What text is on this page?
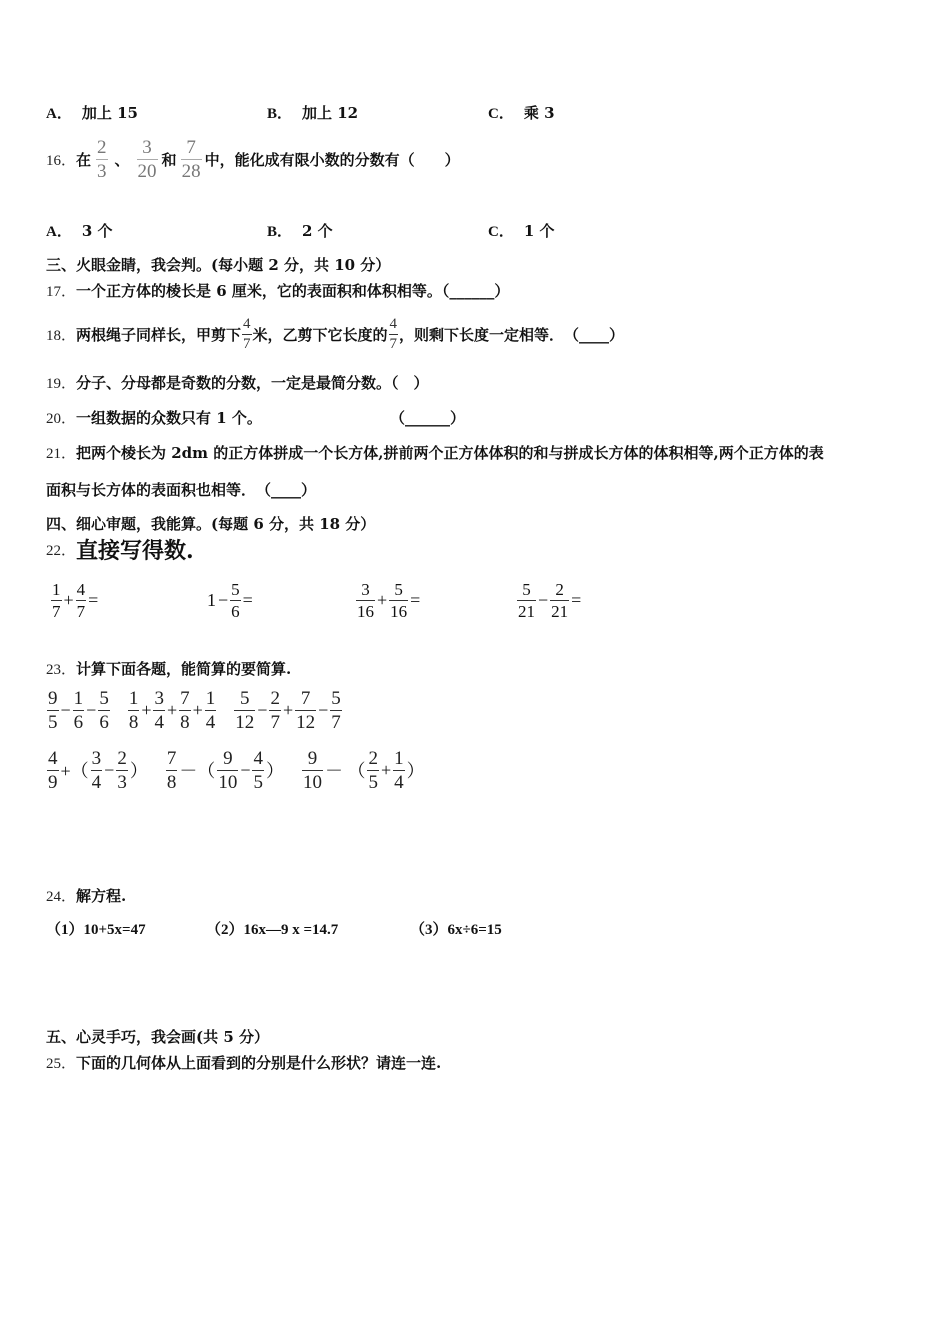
A． 加上 15	B． 加上 12	C． 乘 3
16． 在 $\frac{2}{3}$ 、 $\frac{3}{20}$ 和 $\frac{7}{28}$ 中，能化成有限小数的分数有（　　）
A． 3 个	B． 2 个	C． 1 个
三、火眼金睛，我会判。(每小题 2 分，共 10 分）
17．一个正方体的棱长是 6 厘米，它的表面积和体积相等。（______）
18． 两根绳子同样长，甲剪下 $\frac{4}{7}$ 米，乙剪下它长度的 $\frac{4}{7}$ ，则剩下长度一定相等．　（____）
19．分子、分母都是奇数的分数，一定是最简分数。（　）
20．一组数据的众数只有 1 个。	（______）
21．把两个棱长为 2dm 的正方体拼成一个长方体,拼前两个正方体体积的和与拼成长方体的体积相等,两个正方体的表
面积与长方体的表面积也相等．　（____）
四、细心审题，我能算。(每题 6 分，共 18 分）
22． 直接写得数.
$\frac{1}{7} + \frac{4}{7}$ =	$1 - \frac{5}{6}$ =	$\frac{3}{16} + \frac{5}{16}$ =	$\frac{5}{21} - \frac{2}{21}$ =
23．计算下面各题，能简算的要简算.
$\frac{9}{5} - \frac{1}{6} - \frac{5}{6} \frac{1}{8} + \frac{3}{4} + \frac{7}{8} + \frac{1}{4} \frac{5}{12} - \frac{2}{7} + \frac{7}{12} - \frac{5}{7}$
$\frac{4}{9}$ +（ $\frac{3}{4} - \frac{2}{3}$ ） $\frac{7}{8}$ －（ $\frac{9}{10} - \frac{4}{5}$ ） $\frac{9}{10}$ － （ $\frac{2}{5} + \frac{1}{4}$ ）
24．解方程.
（1）10+5x=47	（2）16x—9 x =14.7	（3）6x÷6=15
五、心灵手巧，我会画(共 5 分）
25．下面的几何体从上面看到的分别是什么形状？请连一连.
